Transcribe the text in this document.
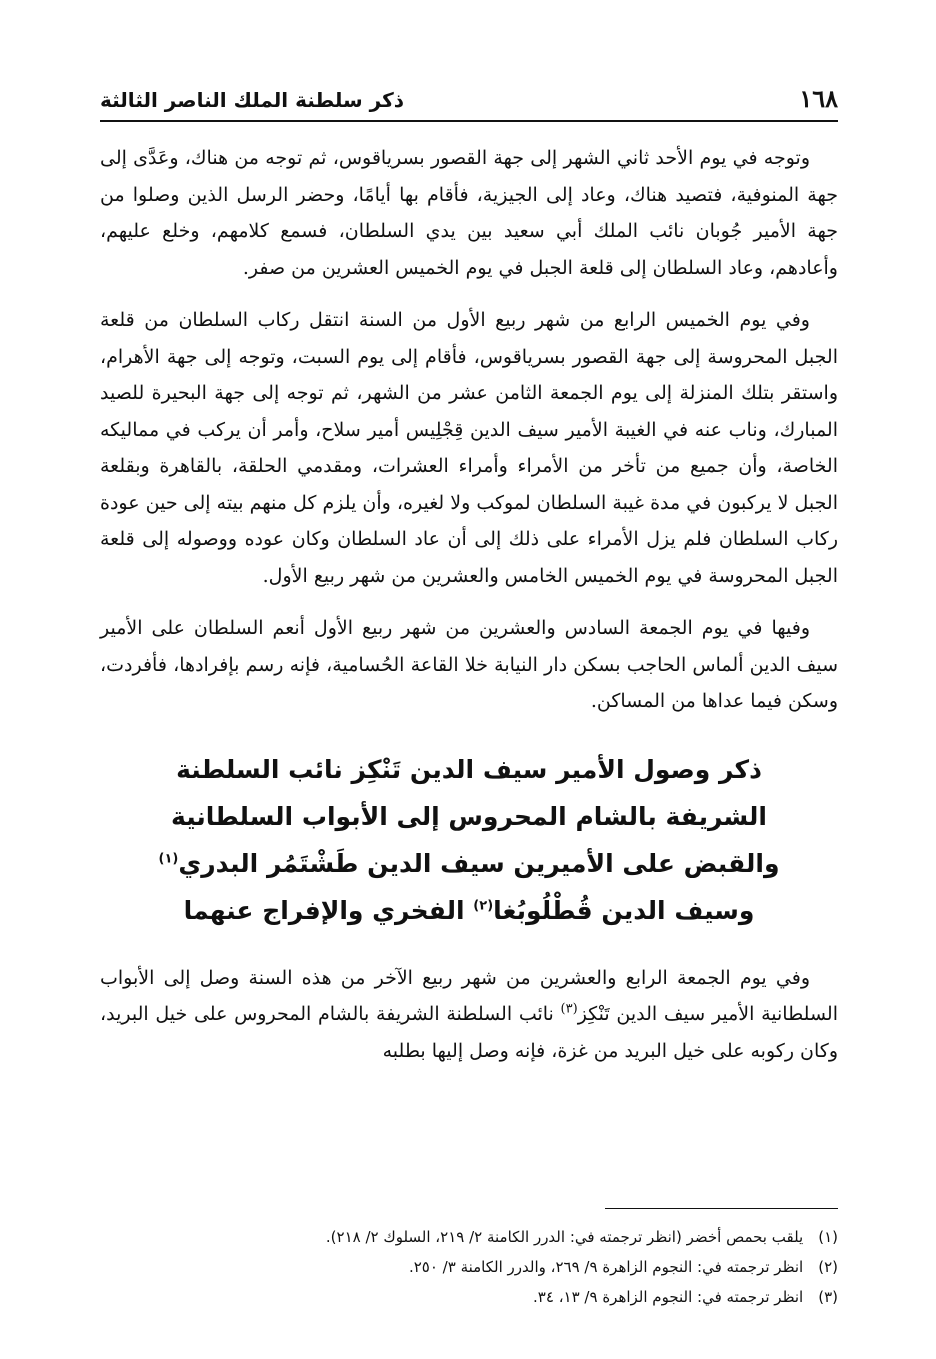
١٦٨
ذكر سلطنة الملك الناصر الثالثة

وتوجه في يوم الأحد ثاني الشهر إلى جهة القصور بسرياقوس، ثم توجه من هناك، وعَدَّى إلى جهة المنوفية، فتصيد هناك، وعاد إلى الجيزية، فأقام بها أيامًا، وحضر الرسل الذين وصلوا من جهة الأمير جُوبان نائب الملك أبي سعيد بين يدي السلطان، فسمع كلامهم، وخلع عليهم، وأعادهم، وعاد السلطان إلى قلعة الجبل في يوم الخميس العشرين من صفر.

وفي يوم الخميس الرابع من شهر ربيع الأول من السنة انتقل ركاب السلطان من قلعة الجبل المحروسة إلى جهة القصور بسرياقوس، فأقام إلى يوم السبت، وتوجه إلى جهة الأهرام، واستقر بتلك المنزلة إلى يوم الجمعة الثامن عشر من الشهر، ثم توجه إلى جهة البحيرة للصيد المبارك، وناب عنه في الغيبة الأمير سيف الدين قِجْلِيس أمير سلاح، وأمر أن يركب في مماليكه الخاصة، وأن جميع من تأخر من الأمراء وأمراء العشرات، ومقدمي الحلقة، بالقاهرة وبقلعة الجبل لا يركبون في مدة غيبة السلطان لموكب ولا لغيره، وأن يلزم كل منهم بيته إلى حين عودة ركاب السلطان فلم يزل الأمراء على ذلك إلى أن عاد السلطان وكان عوده ووصوله إلى قلعة الجبل المحروسة في يوم الخميس الخامس والعشرين من شهر ربيع الأول.

وفيها في يوم الجمعة السادس والعشرين من شهر ربيع الأول أنعم السلطان على الأمير سيف الدين ألماس الحاجب بسكن دار النيابة خلا القاعة الحُسامية، فإنه رسم بإفرادها، فأفردت، وسكن فيما عداها من المساكن.

ذكر وصول الأمير سيف الدين تَنْكِز نائب السلطنة
الشريفة بالشام المحروس إلى الأبواب السلطانية
والقبض على الأميرين سيف الدين طَشْتَمُر البدري$^{(١)}$
وسيف الدين قُطْلُوبُغا$^{(٢)}$ الفخري والإفراج عنهما

وفي يوم الجمعة الرابع والعشرين من شهر ربيع الآخر من هذه السنة وصل إلى الأبواب السلطانية الأمير سيف الدين تَنْكِز$^{(٣)}$ نائب السلطنة الشريفة بالشام المحروس على خيل البريد، وكان ركوبه على خيل البريد من غزة، فإنه وصل إليها بطلبه

(١) يلقب بحمص أخضر (انظر ترجمته في: الدرر الكامنة ٢/ ٢١٩، السلوك ٢/ ٢١٨).
(٢) انظر ترجمته في: النجوم الزاهرة ٩/ ٢٦٩، والدرر الكامنة ٣/ ٢٥٠.
(٣) انظر ترجمته في: النجوم الزاهرة ٩/ ١٣، ٣٤.
